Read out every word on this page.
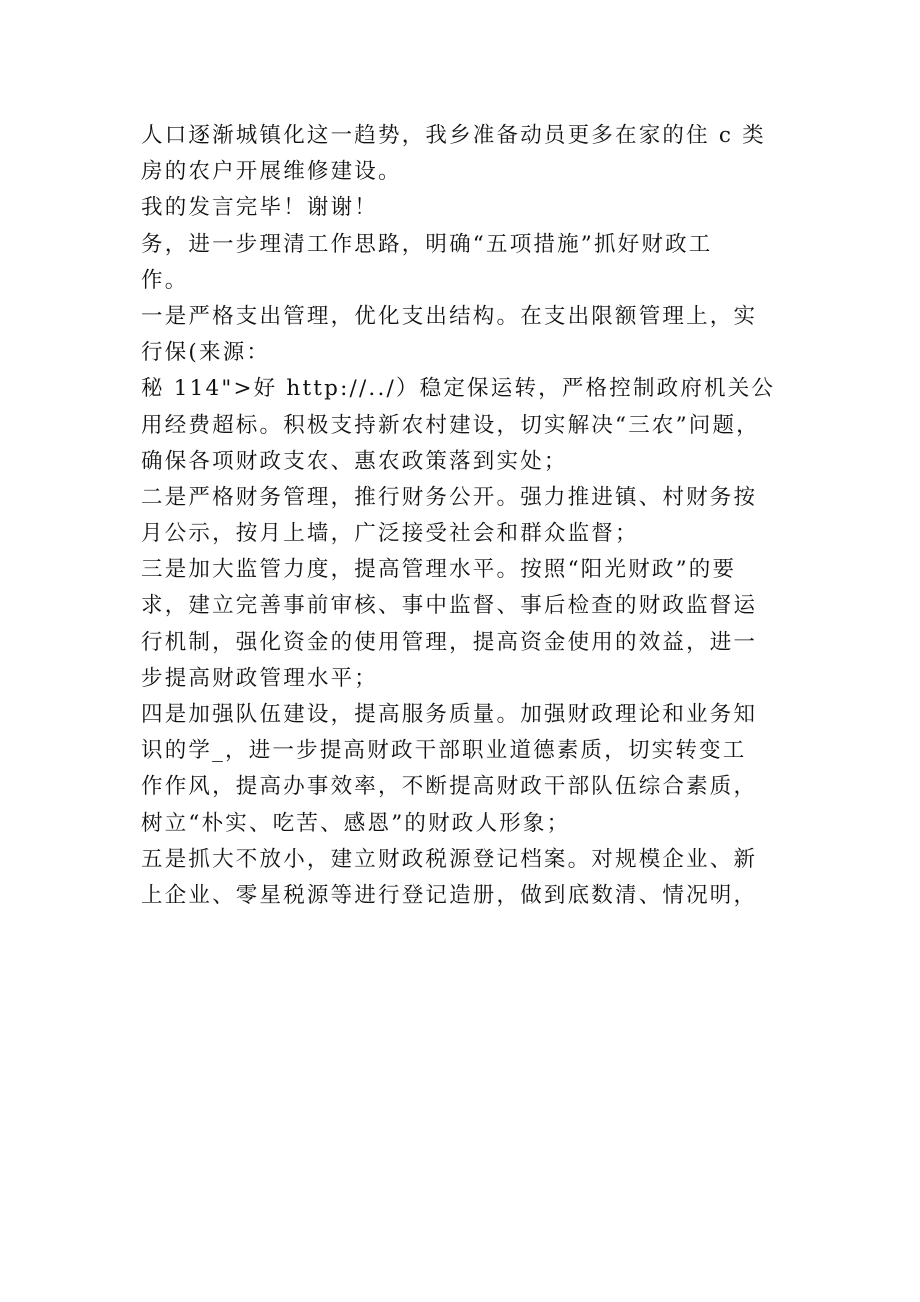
人口逐渐城镇化这一趋势，我乡准备动员更多在家的住 c 类
房的农户开展维修建设。
我的发言完毕！谢谢！
务，进一步理清工作思路，明确“五项措施”抓好财政工
作。
一是严格支出管理，优化支出结构。在支出限额管理上，实
行保(来源：
秘 114">好 http://../）稳定保运转，严格控制政府机关公
用经费超标。积极支持新农村建设，切实解决“三农”问题，
确保各项财政支农、惠农政策落到实处；
二是严格财务管理，推行财务公开。强力推进镇、村财务按
月公示，按月上墙，广泛接受社会和群众监督；
三是加大监管力度，提高管理水平。按照“阳光财政”的要
求，建立完善事前审核、事中监督、事后检查的财政监督运
行机制，强化资金的使用管理，提高资金使用的效益，进一
步提高财政管理水平；
四是加强队伍建设，提高服务质量。加强财政理论和业务知
识的学_，进一步提高财政干部职业道德素质，切实转变工
作作风，提高办事效率，不断提高财政干部队伍综合素质，
树立“朴实、吃苦、感恩”的财政人形象；
五是抓大不放小，建立财政税源登记档案。对规模企业、新
上企业、零星税源等进行登记造册，做到底数清、情况明，
